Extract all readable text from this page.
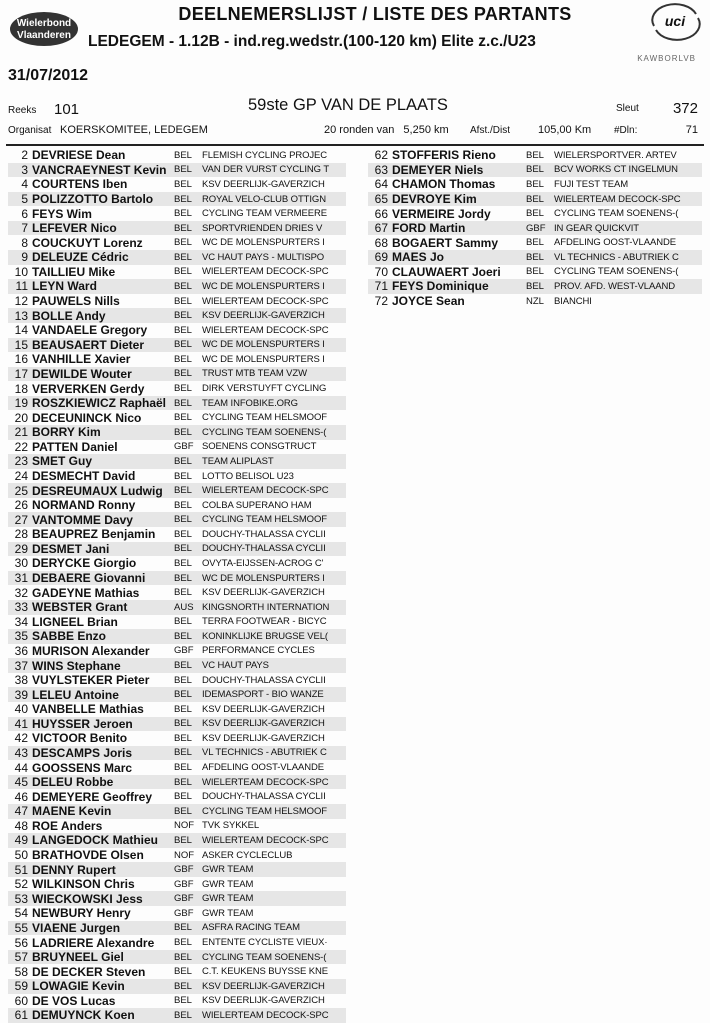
Wielerbond
Vlaanderen
DEELNEMERSLIJST / LISTE DES PARTANTS
LEDEGEM - 1.12B - ind.reg.wedstr.(100-120 km) Elite z.c./U23
uci
KAWBORLVB
31/07/2012
Reeks 101	59ste GP VAN DE PLAATS	Sleut 372
Organisat KOERSKOMITEE, LEDEGEM	20 ronden van 5,250 km Afst./Dist	105,00 Km #Dln:	71
2 DEVRIESE Dean	BEL	FLEMISH CYCLING PROJEC
3 VANCRAEYNEST Kevin BEL	VAN DER VURST CYCLING T
4 COURTENS Iben	BEL	KSV DEERLIJK-GAVERZICH
5 POLIZZOTTO Bartolo	BEL	ROYAL VELO-CLUB OTTIGN
6 FEYS Wim	BEL	CYCLING TEAM VERMEERE
7 LEFEVER Nico	BEL	SPORTVRIENDEN DRIES V
8 COUCKUYT Lorenz	BEL	WC DE MOLENSPURTERS I
9 DELEUZE Cédric	BEL	VC HAUT PAYS - MULTISPO
10 TAILLIEU Mike	BEL	WIELERTEAM DECOCK-SPC
11 LEYN Ward	BEL	WC DE MOLENSPURTERS I
12 PAUWELS Nills	BEL	WIELERTEAM DECOCK-SPC
13 BOLLE Andy	BEL	KSV DEERLIJK-GAVERZICH
14 VANDAELE Gregory	BEL	WIELERTEAM DECOCK-SPC
15 BEAUSAERT Dieter	BEL	WC DE MOLENSPURTERS I
16 VANHILLE Xavier	BEL	WC DE MOLENSPURTERS I
17 DEWILDE Wouter	BEL	TRUST MTB TEAM VZW
18 VERVERKEN Gerdy	BEL	DIRK VERSTUYFT CYCLING
19 ROSZKIEWICZ Raphaël BEL	TEAM INFOBIKE.ORG
20 DECEUNINCK Nico	BEL	CYCLING TEAM HELSMOOF
21 BORRY Kim	BEL	CYCLING TEAM SOENENS-(
22 PATTEN Daniel	GBF SOENENS CONSGTRUCT
23 SMET Guy	BEL	TEAM ALIPLAST
24 DESMECHT David	BEL	LOTTO BELISOL U23
25 DESREUMAUX Ludwig	BEL	WIELERTEAM DECOCK-SPC
26 NORMAND Ronny	BEL	COLBA SUPERANO HAM
27 VANTOMME Davy	BEL	CYCLING TEAM HELSMOOF
28 BEAUPREZ Benjamin	BEL	DOUCHY-THALASSA CYCLII
29 DESMET Jani	BEL	DOUCHY-THALASSA CYCLII
30 DERYCKE Giorgio	BEL	OVYTA-EIJSSEN-ACROG C'
31 DEBAERE Giovanni	BEL	WC DE MOLENSPURTERS I
32 GADEYNE Mathias	BEL	KSV DEERLIJK-GAVERZICH
33 WEBSTER Grant	AUS KINGSNORTH INTERNATION
34 LIGNEEL Brian	BEL	TERRA FOOTWEAR - BICYC
35 SABBE Enzo	BEL	KONINKLIJKE BRUGSE VEL(
36 MURISON Alexander	GBF PERFORMANCE CYCLES
37 WINS Stephane	BEL	VC HAUT PAYS
38 VUYLSTEKER Pieter	BEL	DOUCHY-THALASSA CYCLII
39 LELEU Antoine	BEL	IDEMASPORT - BIO WANZE
40 VANBELLE Mathias	BEL	KSV DEERLIJK-GAVERZICH
41 HUYSSER Jeroen	BEL	KSV DEERLIJK-GAVERZICH
42 VICTOOR Benito	BEL	KSV DEERLIJK-GAVERZICH
43 DESCAMPS Joris	BEL	VL TECHNICS - ABUTRIEK C
44 GOOSSENS Marc	BEL	AFDELING OOST-VLAANDE
45 DELEU Robbe	BEL	WIELERTEAM DECOCK-SPC
46 DEMEYERE Geoffrey	BEL	DOUCHY-THALASSA CYCLII
47 MAENE Kevin	BEL	CYCLING TEAM HELSMOOF
48 ROE Anders	NOF TVK SYKKEL
49 LANGEDOCK Mathieu	BEL	WIELERTEAM DECOCK-SPC
50 BRATHOVDE Olsen	NOF ASKER CYCLECLUB
51 DENNY Rupert	GBF GWR TEAM
52 WILKINSON Chris	GBF GWR TEAM
53 WIECKOWSKI Jess	GBF GWR TEAM
54 NEWBURY Henry	GBF GWR TEAM
55 VIAENE Jurgen	BEL	ASFRA RACING TEAM
56 LADRIERE Alexandre	BEL	ENTENTE CYCLISTE VIEUX·
57 BRUYNEEL Giel	BEL	CYCLING TEAM SOENENS-(
58 DE DECKER Steven	BEL	C.T. KEUKENS BUYSSE KNE
59 LOWAGIE Kevin	BEL	KSV DEERLIJK-GAVERZICH
60 DE VOS Lucas	BEL	KSV DEERLIJK-GAVERZICH
61 DEMUYNCK Koen	BEL	WIELERTEAM DECOCK-SPC
62 STOFFERIS Rieno	BEL	WIELERSPORTVER. ARTEV
63 DEMEYER Niels	BEL	BCV WORKS CT INGELMUN
64 CHAMON Thomas	BEL	FUJI TEST TEAM
65 DEVROYE Kim	BEL	WIELERTEAM DECOCK-SPC
66 VERMEIRE Jordy	BEL	CYCLING TEAM SOENENS-(
67 FORD Martin	GBF IN GEAR QUICKVIT
68 BOGAERT Sammy	BEL	AFDELING OOST-VLAANDE
69 MAES Jo	BEL	VL TECHNICS - ABUTRIEK C
70 CLAUWAERT Joeri	BEL	CYCLING TEAM SOENENS-(
71 FEYS Dominique	BEL	PROV. AFD. WEST-VLAAND
72 JOYCE Sean	NZL	BIANCHI
